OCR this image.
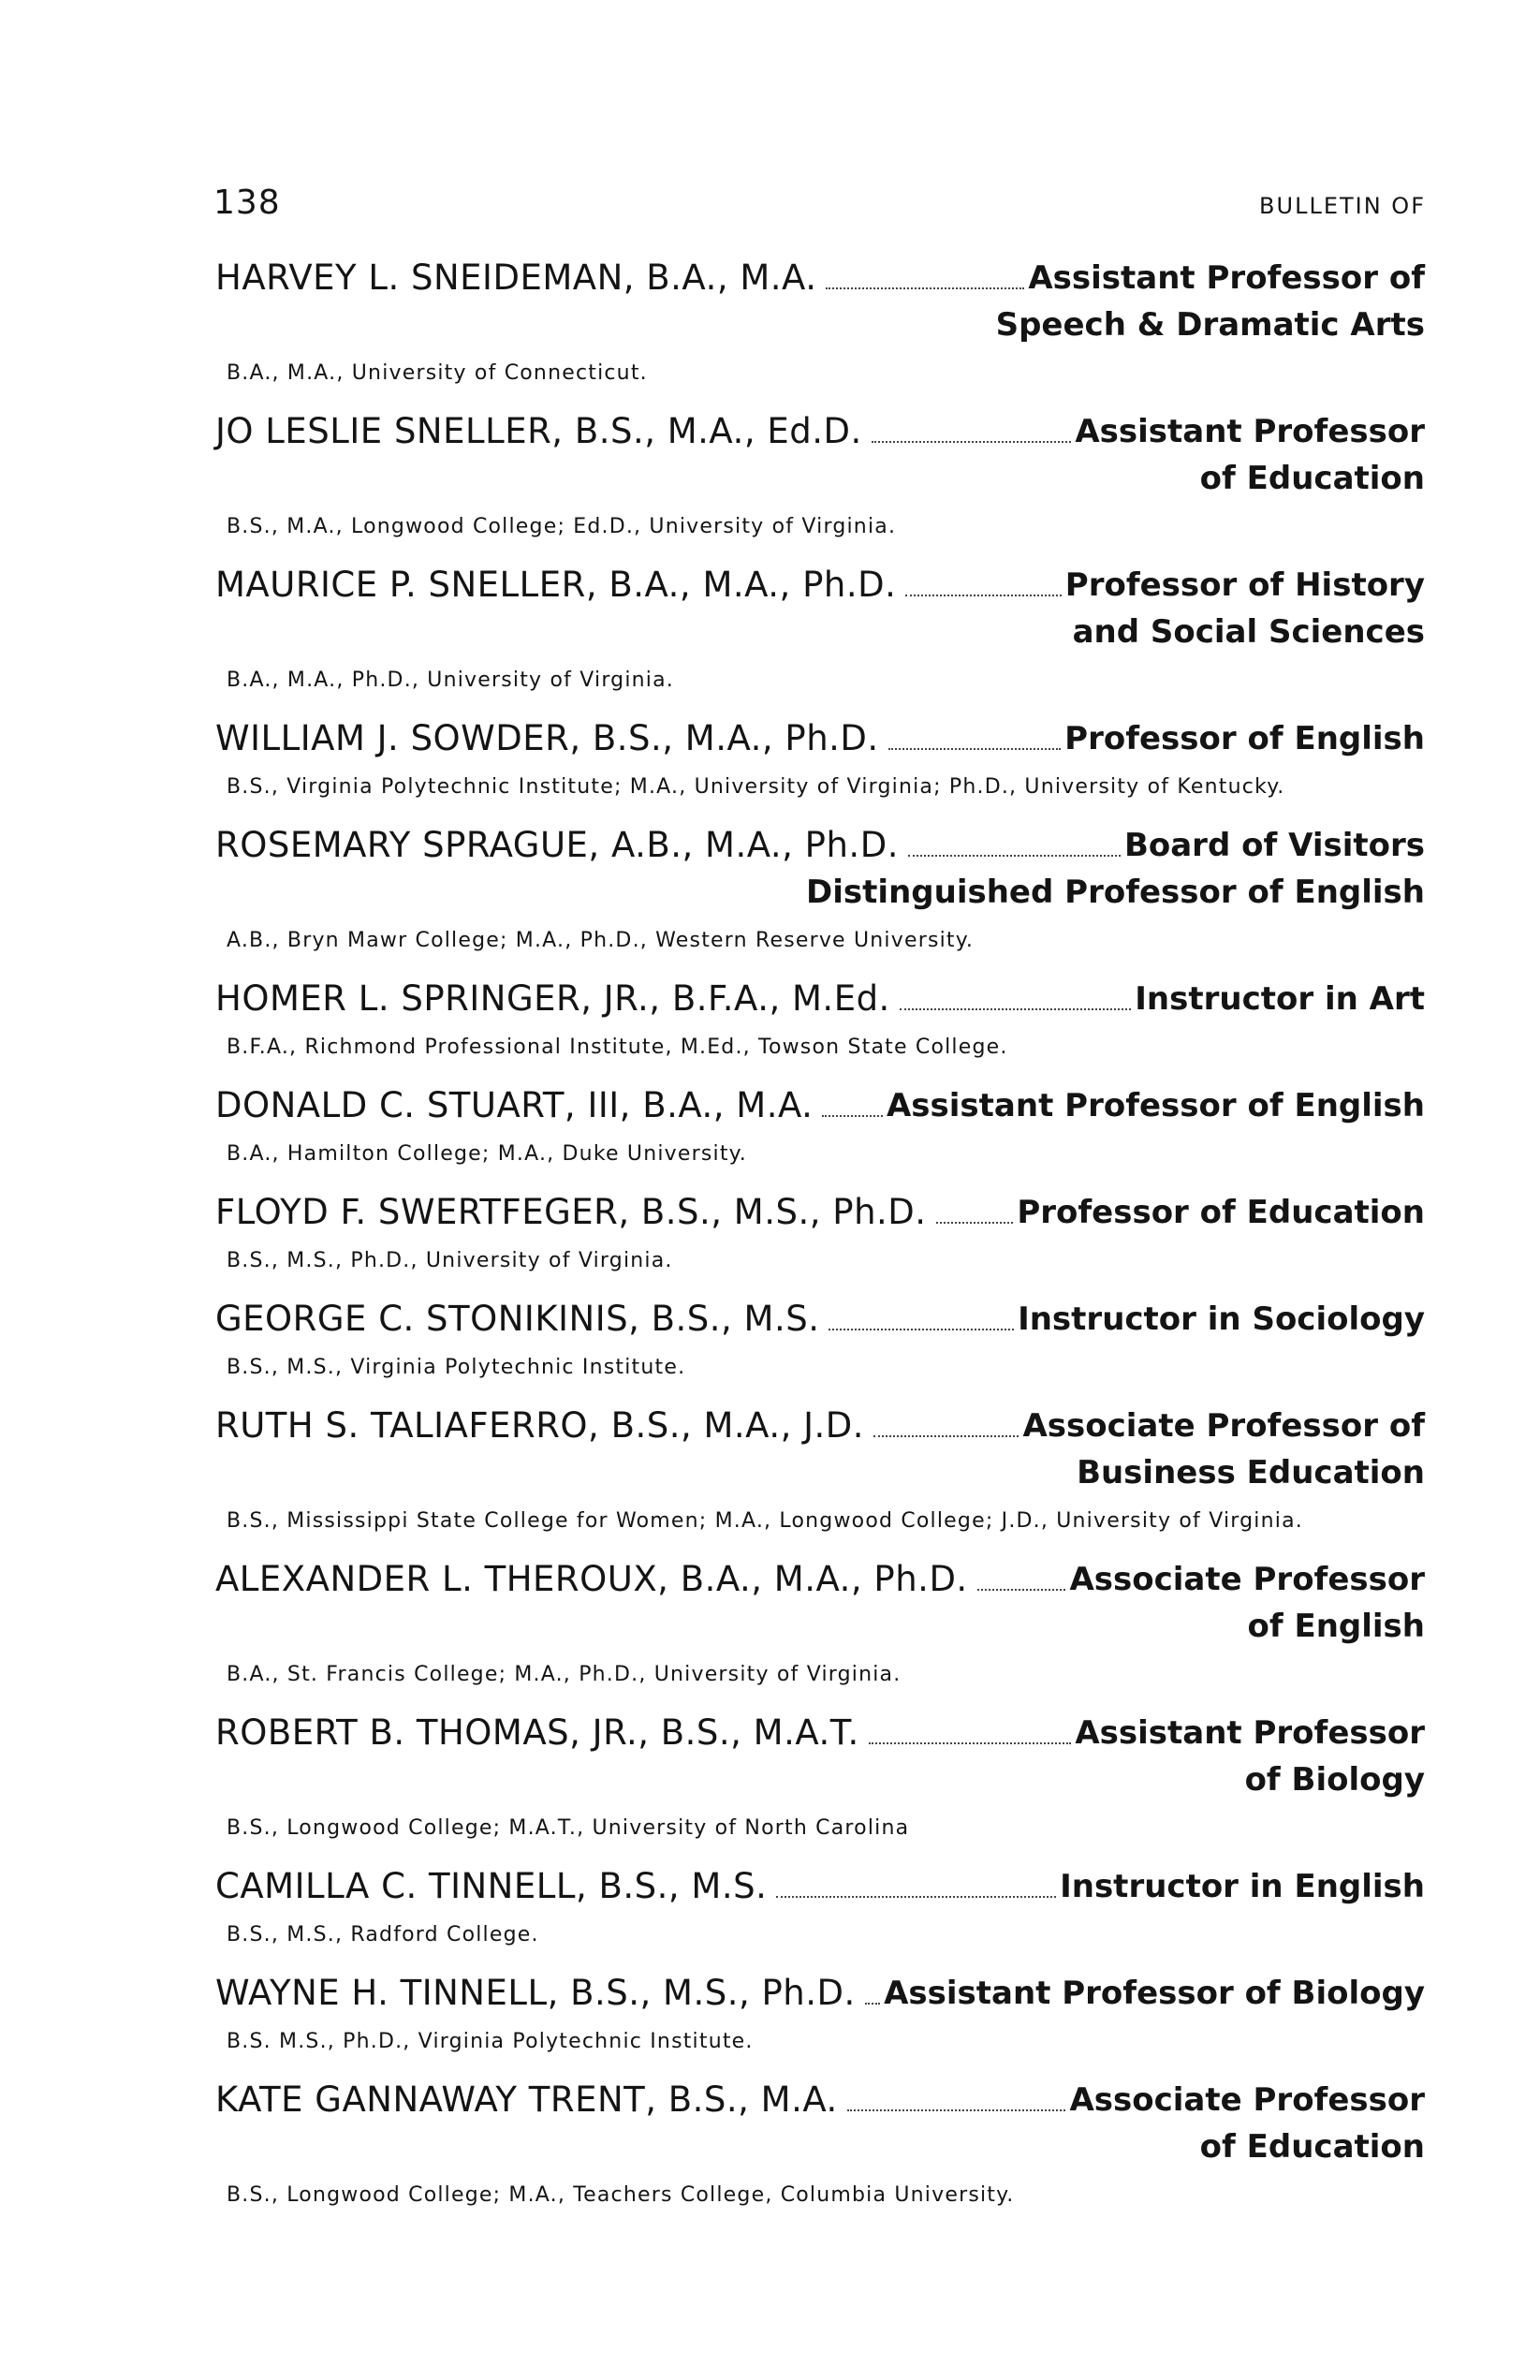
138	BULLETIN OF
HARVEY L. SNEIDEMAN, B.A., M.A.	Assistant Professor of
Speech & Dramatic Arts
B.A., M.A., University of Connecticut.
JO LESLIE SNELLER, B.S., M.A., Ed.D.	Assistant Professor
of Education
B.S., M.A., Longwood College; Ed.D., University of Virginia.
MAURICE P. SNELLER, B.A., M.A., Ph.D.	Professor of History
and Social Sciences
B.A., M.A., Ph.D., University of Virginia.
WILLIAM J. SOWDER, B.S., M.A., Ph.D.	Professor of English
B.S., Virginia Polytechnic Institute; M.A., University of Virginia; Ph.D., University of Kentucky.
ROSEMARY SPRAGUE, A.B., M.A., Ph.D.	Board of Visitors
Distinguished Professor of English
A.B., Bryn Mawr College; M.A., Ph.D., Western Reserve University.
HOMER L. SPRINGER, JR., B.F.A., M.Ed.	Instructor in Art
B.F.A., Richmond Professional Institute, M.Ed., Towson State College.
DONALD C. STUART, III, B.A., M.A. Assistant Professor of English
B.A., Hamilton College; M.A., Duke University.
FLOYD F. SWERTFEGER, B.S., M.S., Ph.D.	Professor of Education
B.S., M.S., Ph.D., University of Virginia.
GEORGE C. STONIKINIS, B.S., M.S.	Instructor in Sociology
B.S., M.S., Virginia Polytechnic Institute.
RUTH S. TALIAFERRO, B.S., M.A., J.D.	Associate Professor of
Business Education
B.S., Mississippi State College for Women; M.A., Longwood College; J.D., University of Virginia.
ALEXANDER L. THEROUX, B.A., M.A., Ph.D.	Associate Professor
of English
B.A., St. Francis College; M.A., Ph.D., University of Virginia.
ROBERT B. THOMAS, JR., B.S., M.A.T.	Assistant Professor
of Biology
B.S., Longwood College; M.A.T., University of North Carolina
CAMILLA C. TINNELL, B.S., M.S.	Instructor in English
B.S., M.S., Radford College.
WAYNE H. TINNELL, B.S., M.S., Ph.D. Assistant Professor of Biology
B.S. M.S., Ph.D., Virginia Polytechnic Institute.
KATE GANNAWAY TRENT, B.S., M.A.	Associate Professor
of Education
B.S., Longwood College; M.A., Teachers College, Columbia University.
